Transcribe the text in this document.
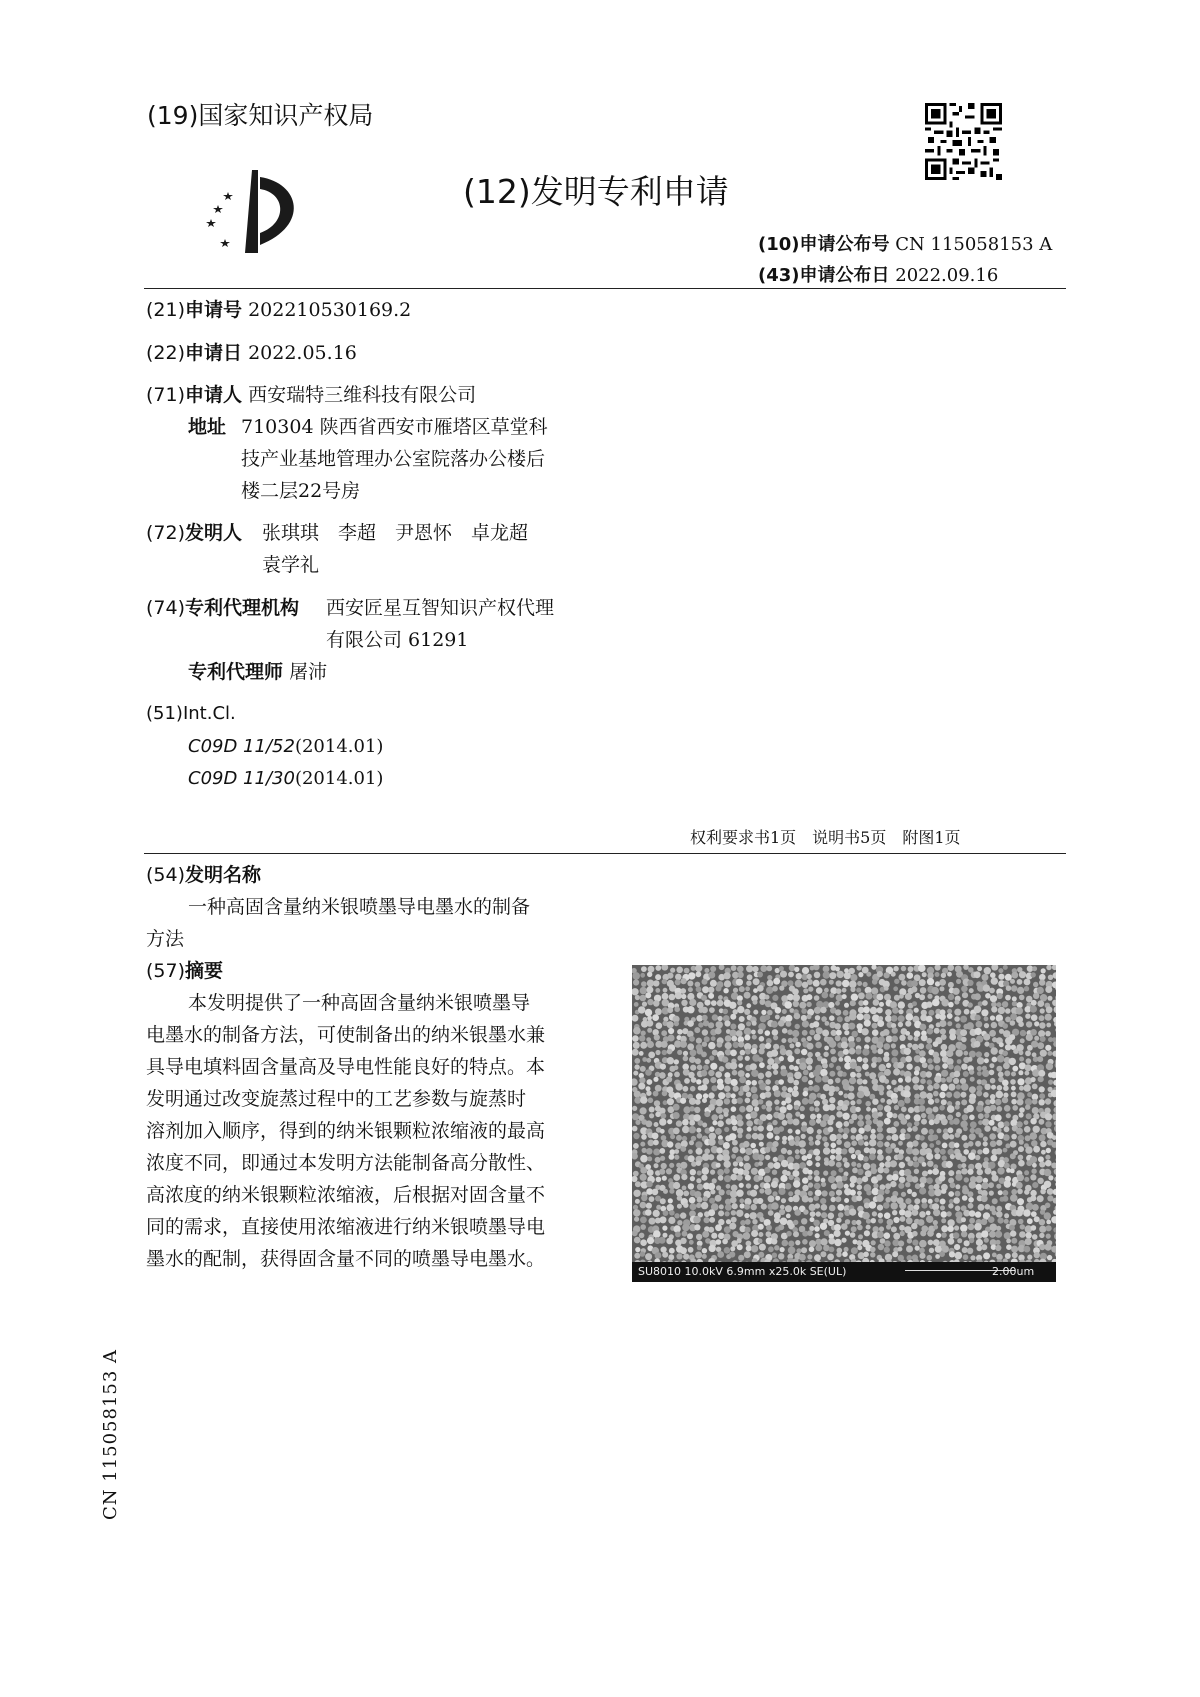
(19)国家知识产权局
(12)发明专利申请
(10)申请公布号 CN 115058153 A
(43)申请公布日 2022.09.16
(21)申请号 202210530169.2
(22)申请日 2022.05.16
(71)申请人 西安瑞特三维科技有限公司
地址 710304 陕西省西安市雁塔区草堂科
技产业基地管理办公室院落办公楼后
楼二层22号房
(72)发明人 张琪琪　李超　尹恩怀　卓龙超
袁学礼
(74)专利代理机构 西安匠星互智知识产权代理
有限公司 61291
专利代理师 屠沛
(51)Int.Cl.
C09D 11/52(2014.01)
C09D 11/30(2014.01)
权利要求书1页　说明书5页　附图1页
(54)发明名称
一种高固含量纳米银喷墨导电墨水的制备
方法
(57)摘要
本发明提供了一种高固含量纳米银喷墨导
电墨水的制备方法，可使制备出的纳米银墨水兼
具导电填料固含量高及导电性能良好的特点。本
发明通过改变旋蒸过程中的工艺参数与旋蒸时
溶剂加入顺序，得到的纳米银颗粒浓缩液的最高
浓度不同，即通过本发明方法能制备高分散性、
高浓度的纳米银颗粒浓缩液，后根据对固含量不
同的需求，直接使用浓缩液进行纳米银喷墨导电
墨水的配制，获得固含量不同的喷墨导电墨水。
SU8010 10.0kV 6.9mm x25.0k SE(UL)	2.00um
CN 115058153 A
